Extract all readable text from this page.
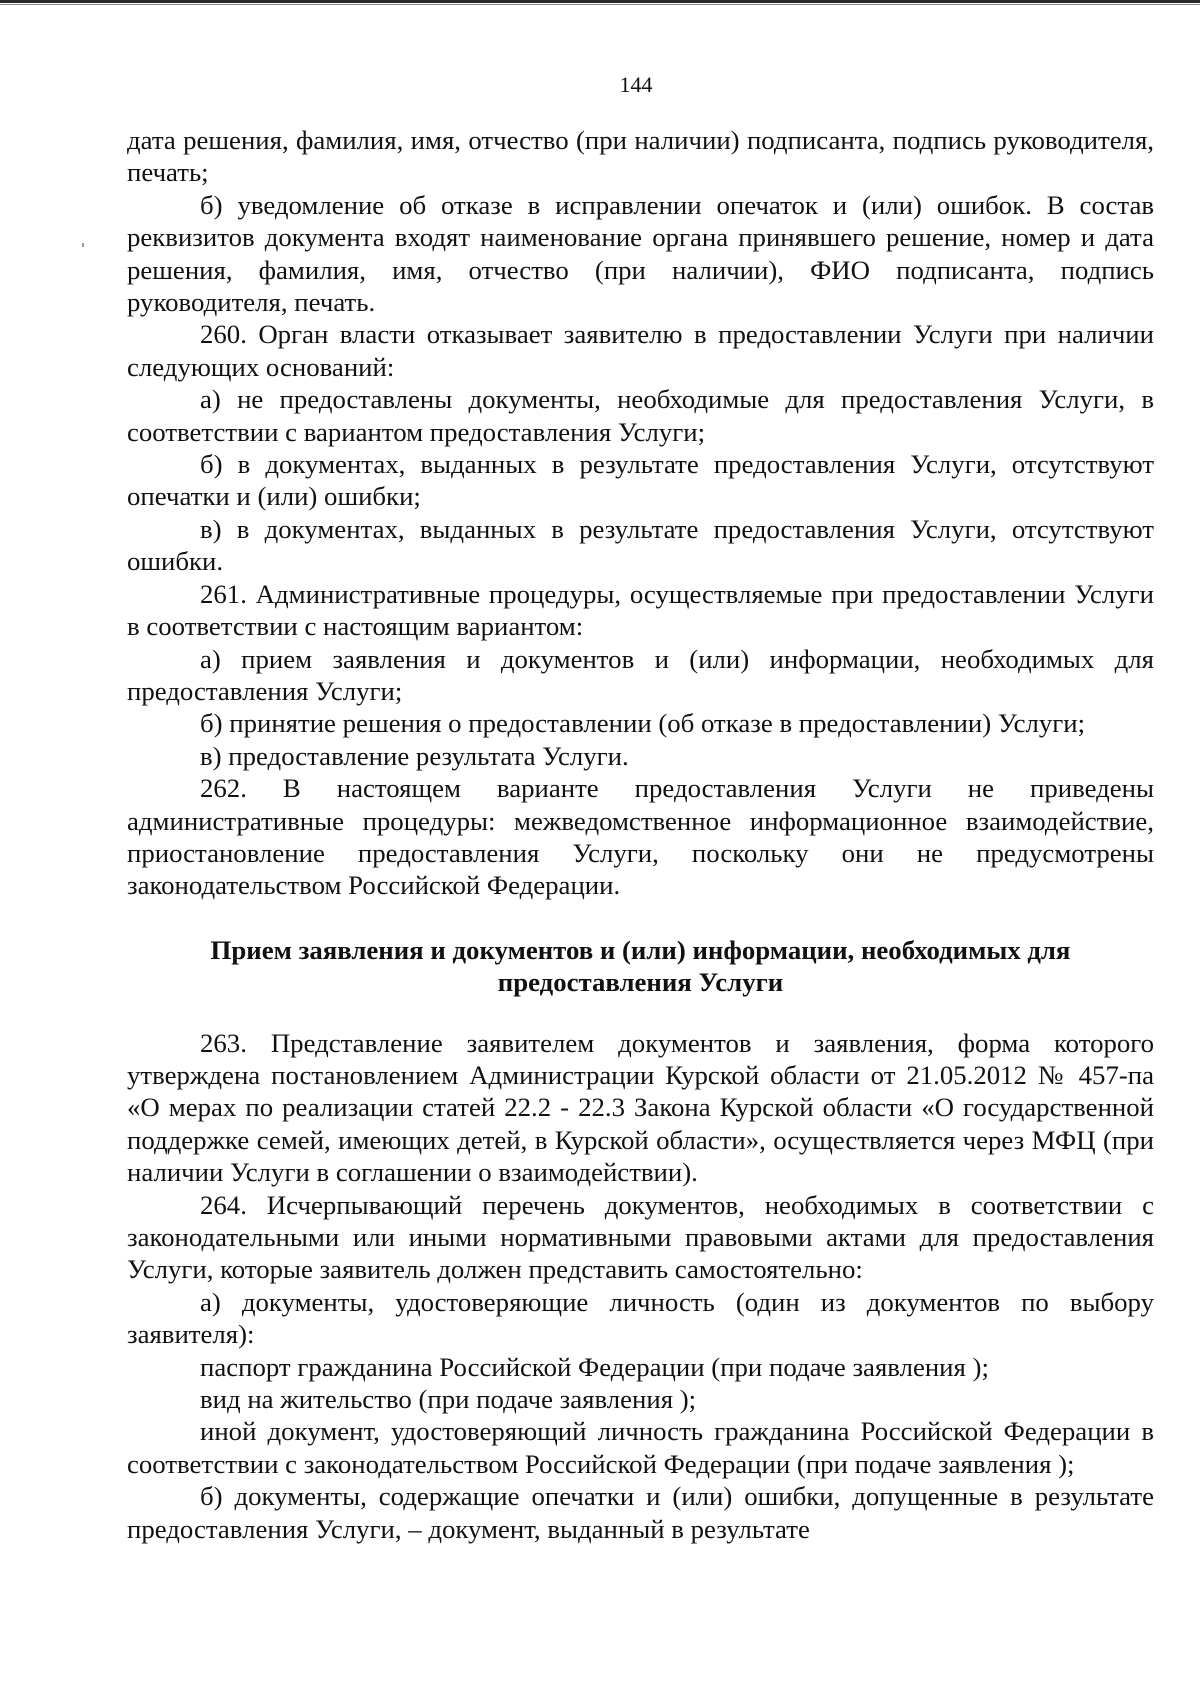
144

дата решения, фамилия, имя, отчество (при наличии) подписанта, подпись руководителя, печать;

б) уведомление об отказе в исправлении опечаток и (или) ошибок. В состав реквизитов документа входят наименование органа принявшего решение, номер и дата решения, фамилия, имя, отчество (при наличии), ФИО подписанта, подпись руководителя, печать.

260. Орган власти отказывает заявителю в предоставлении Услуги при наличии следующих оснований:

а) не предоставлены документы, необходимые для предоставления Услуги, в соответствии с вариантом предоставления Услуги;

б) в документах, выданных в результате предоставления Услуги, отсутствуют опечатки и (или) ошибки;

в) в документах, выданных в результате предоставления Услуги, отсутствуют ошибки.

261. Административные процедуры, осуществляемые при предоставлении Услуги в соответствии с настоящим вариантом:

а) прием заявления и документов и (или) информации, необходимых для предоставления Услуги;

б) принятие решения о предоставлении (об отказе в предоставлении) Услуги;

в) предоставление результата Услуги.

262. В настоящем варианте предоставления Услуги не приведены административные процедуры: межведомственное информационное взаимодействие, приостановление предоставления Услуги, поскольку они не предусмотрены законодательством Российской Федерации.

Прием заявления и документов и (или) информации, необходимых для предоставления Услуги

263. Представление заявителем документов и заявления, форма которого утверждена постановлением Администрации Курской области от 21.05.2012 № 457-па «О мерах по реализации статей 22.2 - 22.3 Закона Курской области «О государственной поддержке семей, имеющих детей, в Курской области», осуществляется через МФЦ (при наличии Услуги в соглашении о взаимодействии).

264. Исчерпывающий перечень документов, необходимых в соответствии с законодательными или иными нормативными правовыми актами для предоставления Услуги, которые заявитель должен представить самостоятельно:

а) документы, удостоверяющие личность (один из документов по выбору заявителя):

паспорт гражданина Российской Федерации (при подаче заявления );

вид на жительство (при подаче заявления );

иной документ, удостоверяющий личность гражданина Российской Федерации в соответствии с законодательством Российской Федерации (при подаче заявления );

б) документы, содержащие опечатки и (или) ошибки, допущенные в результате предоставления Услуги, – документ, выданный в результате
